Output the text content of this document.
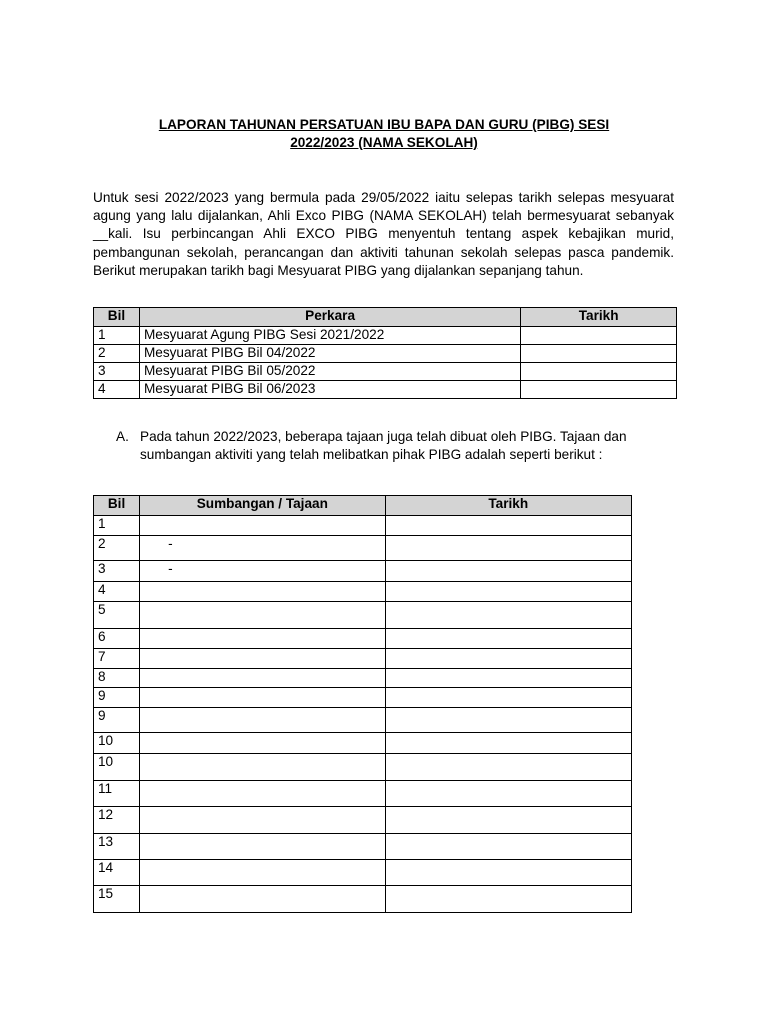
LAPORAN TAHUNAN PERSATUAN IBU BAPA DAN GURU (PIBG) SESI
2022/2023 (NAMA SEKOLAH)
Untuk sesi 2022/2023 yang bermula pada 29/05/2022 iaitu selepas tarikh selepas mesyuarat agung yang lalu dijalankan, Ahli Exco PIBG (NAMA SEKOLAH) telah bermesyuarat sebanyak __kali. Isu perbincangan Ahli EXCO PIBG menyentuh tentang aspek kebajikan murid, pembangunan sekolah, perancangan dan aktiviti tahunan sekolah selepas pasca pandemik. Berikut merupakan tarikh bagi Mesyuarat PIBG yang dijalankan sepanjang tahun.
Bil	Perkara	Tarikh
1	Mesyuarat Agung PIBG Sesi 2021/2022	
2	Mesyuarat PIBG Bil 04/2022	
3	Mesyuarat PIBG Bil 05/2022	
4	Mesyuarat PIBG Bil 06/2023	
A. Pada tahun 2022/2023, beberapa tajaan juga telah dibuat oleh PIBG. Tajaan dan sumbangan aktiviti yang telah melibatkan pihak PIBG adalah seperti berikut :
Bil	Sumbangan / Tajaan	Tarikh
1		
2	-	
3	-	
4		
5		
6		
7		
8		
9		
9		
10		
10		
11		
12		
13		
14		
15		
